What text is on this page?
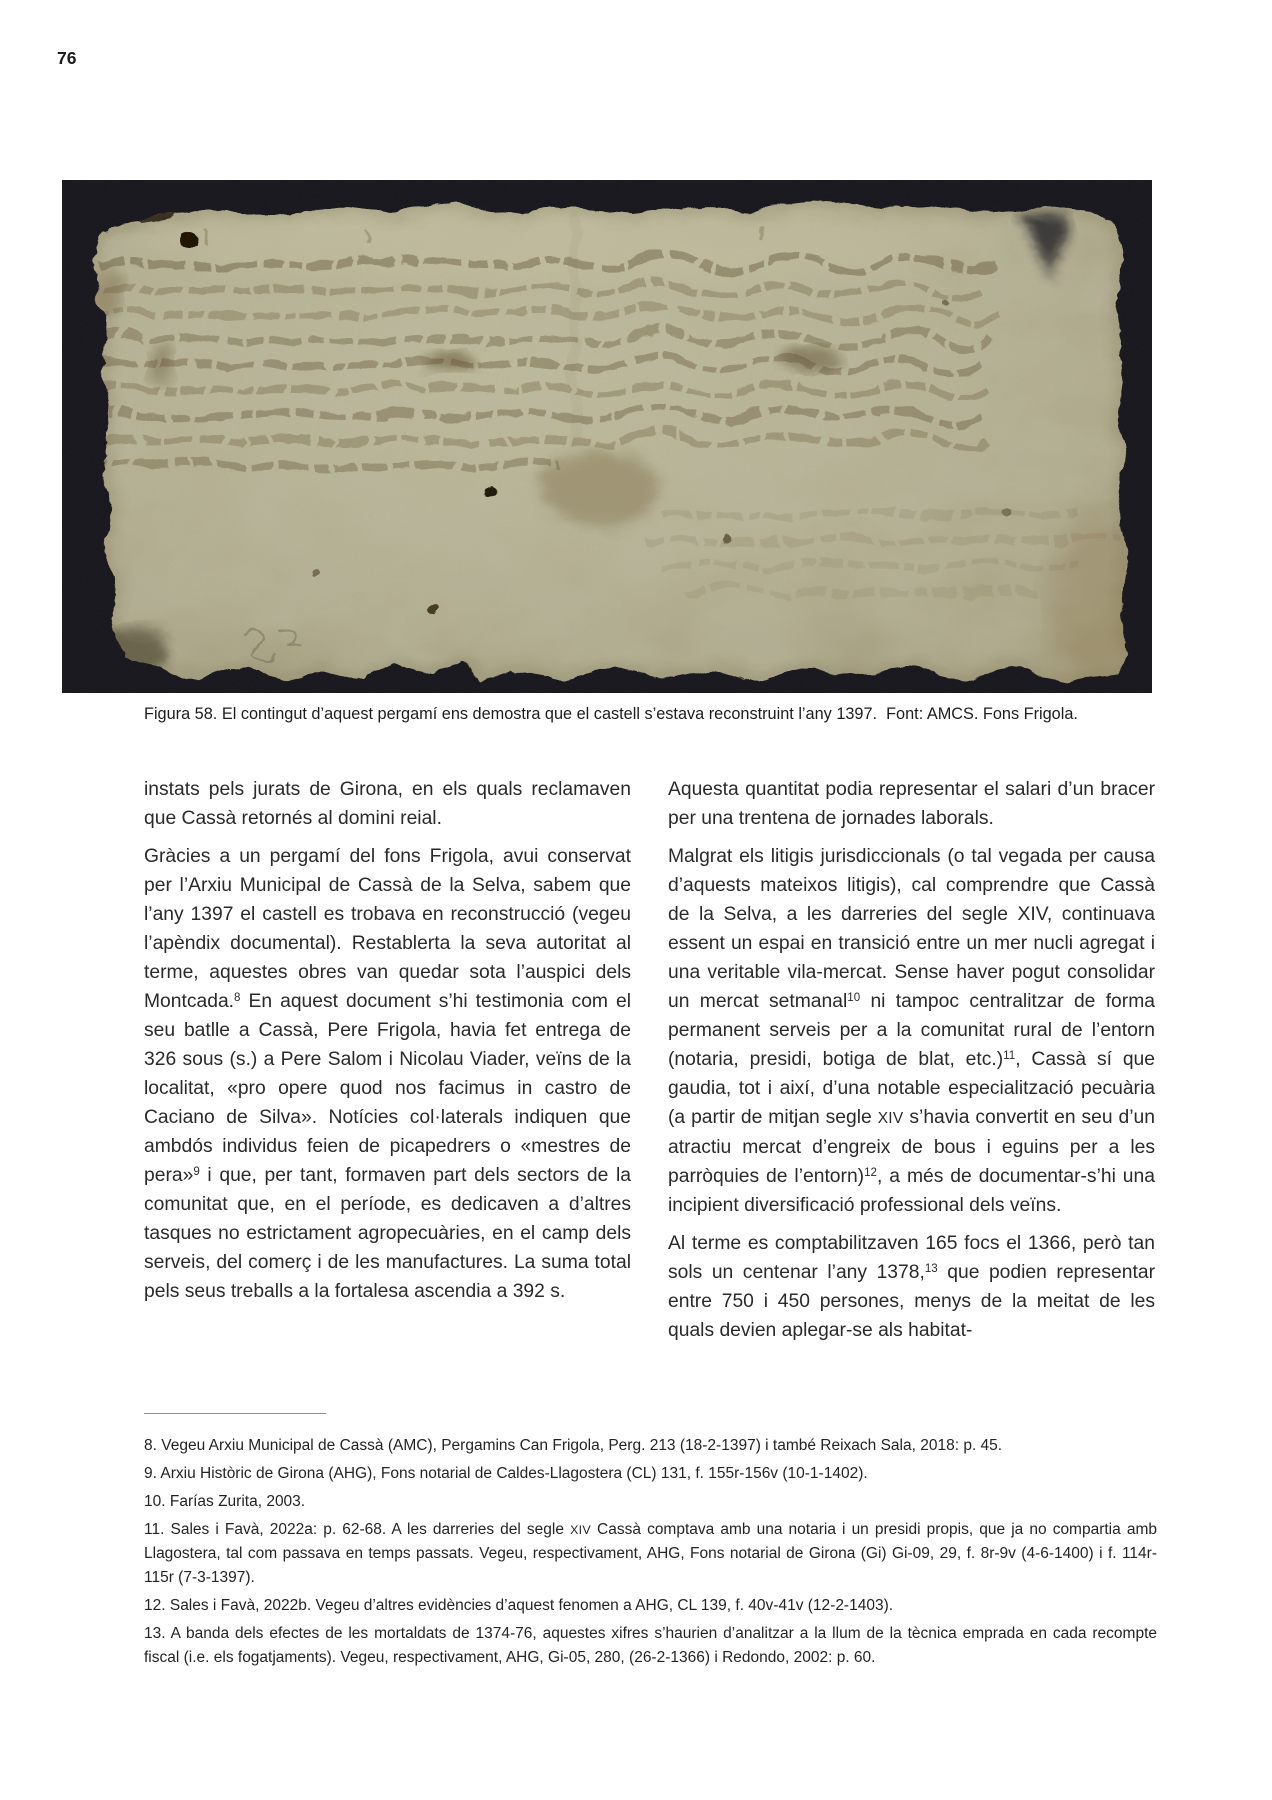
76
Figura 58. El contingut d’aquest pergamí ens demostra que el castell s’estava reconstruint l’any 1397.  Font: AMCS. Fons Frigola.

instats pels jurats de Girona, en els quals reclamaven que Cassà retornés al domini reial.

Gràcies a un pergamí del fons Frigola, avui conservat per l’Arxiu Municipal de Cassà de la Selva, sabem que l’any 1397 el castell es trobava en reconstrucció (vegeu l’apèndix documental). Restablerta la seva autoritat al terme, aquestes obres van quedar sota l’auspici dels Montcada.$^8$ En aquest document s’hi testimonia com el seu batlle a Cassà, Pere Frigola, havia fet entrega de 326 sous (s.) a Pere Salom i Nicolau Viader, veïns de la localitat, «pro opere quod nos facimus in castro de Caciano de Silva». Notícies col·laterals indiquen que ambdós individus feien de picapedrers o «mestres de pera»$^9$ i que, per tant, formaven part dels sectors de la comunitat que, en el període, es dedicaven a d’altres tasques no estrictament agropecuàries, en el camp dels serveis, del comerç i de les manufactures. La suma total pels seus treballs a la fortalesa ascendia a 392 s.

Aquesta quantitat podia representar el salari d’un bracer per una trentena de jornades laborals.

Malgrat els litigis jurisdiccionals (o tal vegada per causa d’aquests mateixos litigis), cal comprendre que Cassà de la Selva, a les darreries del segle XIV, continuava essent un espai en transició entre un mer nucli agregat i una veritable vila-mercat. Sense haver pogut consolidar un mercat setmanal$^{10}$ ni tampoc centralitzar de forma permanent serveis per a la comunitat rural de l’entorn (notaria, presidi, botiga de blat, etc.)$^{11}$, Cassà sí que gaudia, tot i així, d’una notable especialització pecuària (a partir de mitjan segle XIV s’havia convertit en seu d’un atractiu mercat d’engreix de bous i eguins per a les parròquies de l’entorn)$^{12}$, a més de documentar-s’hi una incipient diversificació professional dels veïns.

Al terme es comptabilitzaven 165 focs el 1366, però tan sols un centenar l’any 1378,13 que podien representar entre 750 i 450 persones, menys de la meitat de les quals devien aplegar-se als habitat-

8. Vegeu Arxiu Municipal de Cassà (AMC), Pergamins Can Frigola, Perg. 213 (18-2-1397) i també Reixach Sala, 2018: p. 45.

9. Arxiu Històric de Girona (AHG), Fons notarial de Caldes-Llagostera (CL) 131, f. 155r-156v (10-1-1402).

10. Farías Zurita, 2003.

11. Sales i Favà, 2022a: p. 62-68. A les darreries del segle XIV Cassà comptava amb una notaria i un presidi propis, que ja no compartia amb Llagostera, tal com passava en temps passats. Vegeu, respectivament, AHG, Fons notarial de Girona (Gi) Gi-09, 29, f. 8r-9v (4-6-1400) i f. 114r-115r (7-3-1397).

12. Sales i Favà, 2022b. Vegeu d’altres evidències d’aquest fenomen a AHG, CL 139, f. 40v-41v (12-2-1403).

13. A banda dels efectes de les mortaldats de 1374-76, aquestes xifres s’haurien d’analitzar a la llum de la tècnica emprada en cada recompte fiscal (i.e. els fogatjaments). Vegeu, respectivament, AHG, Gi-05, 280, (26-2-1366) i Redondo, 2002: p. 60.
